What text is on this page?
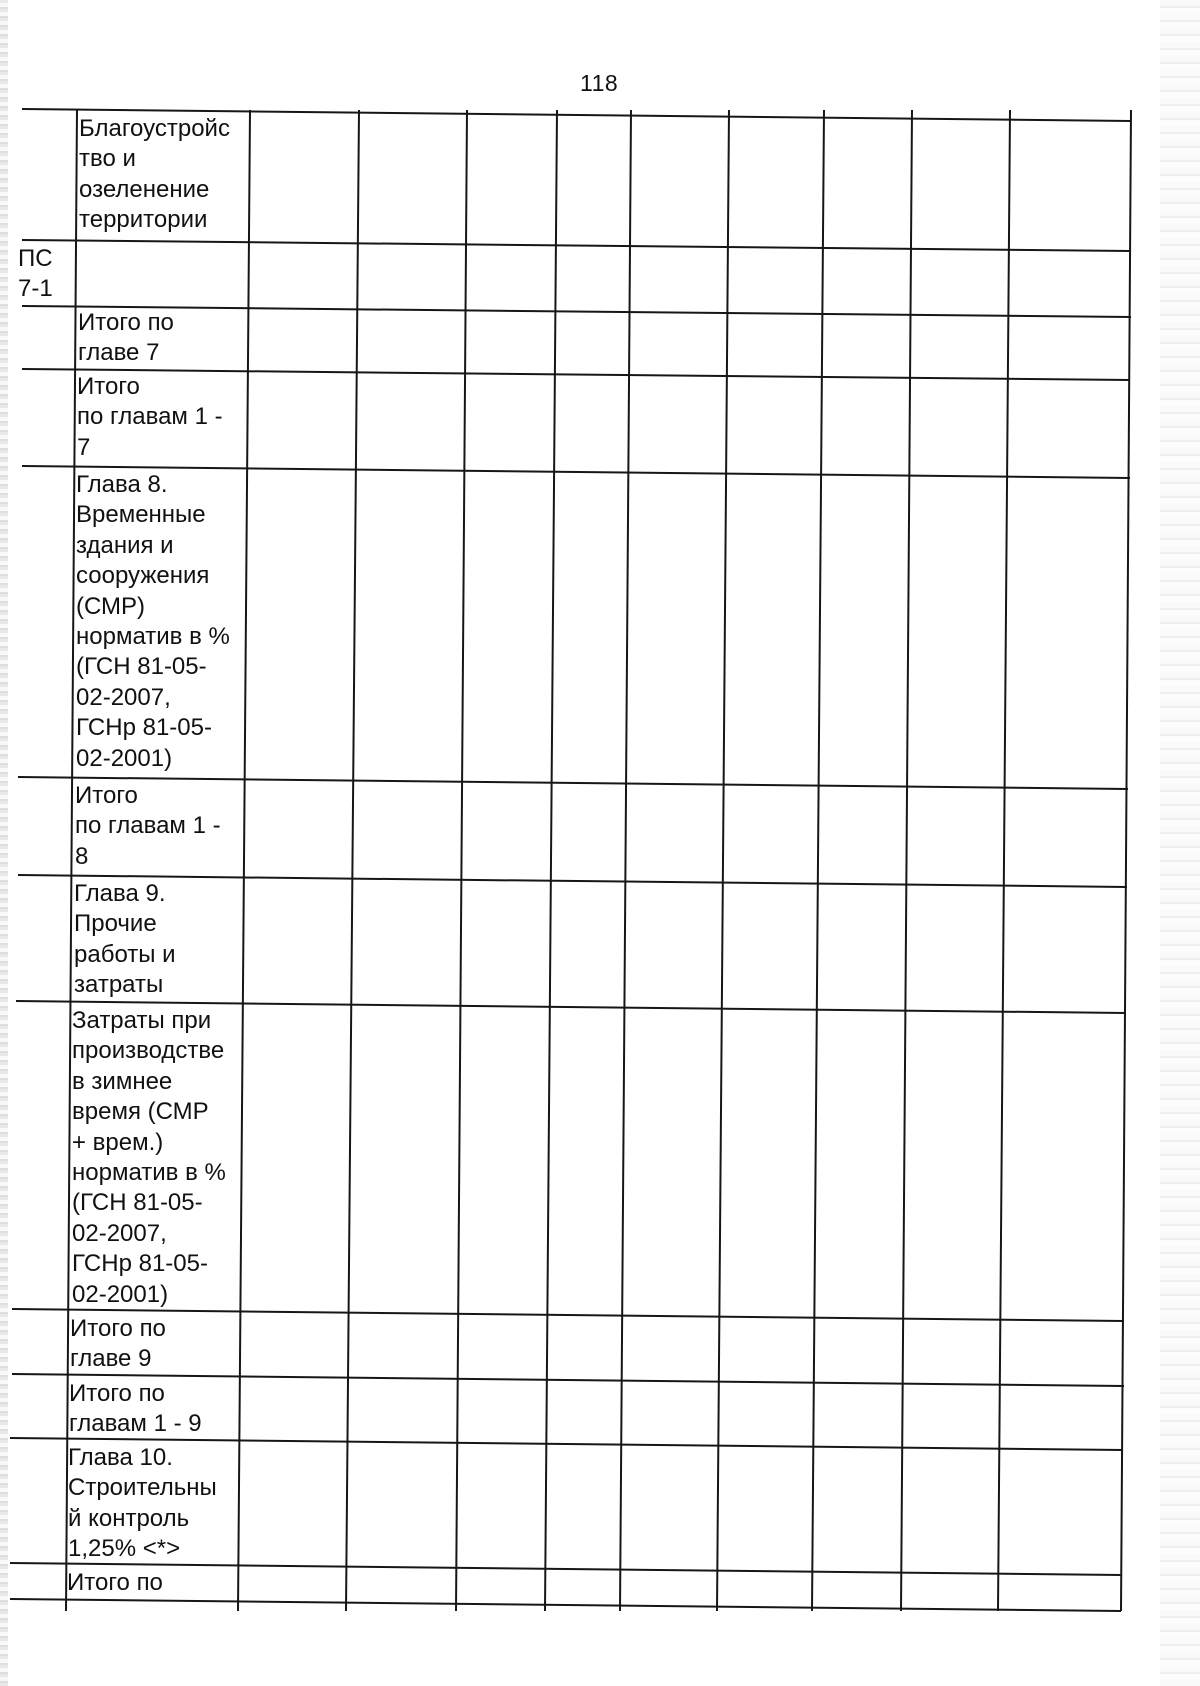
118
ПС
7-1
Благоустройс
тво и
озеленение
территории
Итого по
главе 7
Итого
по главам 1 -
7
Глава 8.
Временные
здания и
сооружения
(СМР)
норматив в %
(ГСН 81-05-
02-2007,
ГСНр 81-05-
02-2001)
Итого
по главам 1 -
8
Глава 9.
Прочие
работы и
затраты
Затраты при
производстве
в зимнее
время (СМР
+ врем.)
норматив в %
(ГСН 81-05-
02-2007,
ГСНр 81-05-
02-2001)
Итого по
главе 9
Итого по
главам 1 - 9
Глава 10.
Строительны
й контроль
1,25% <*>
Итого по
